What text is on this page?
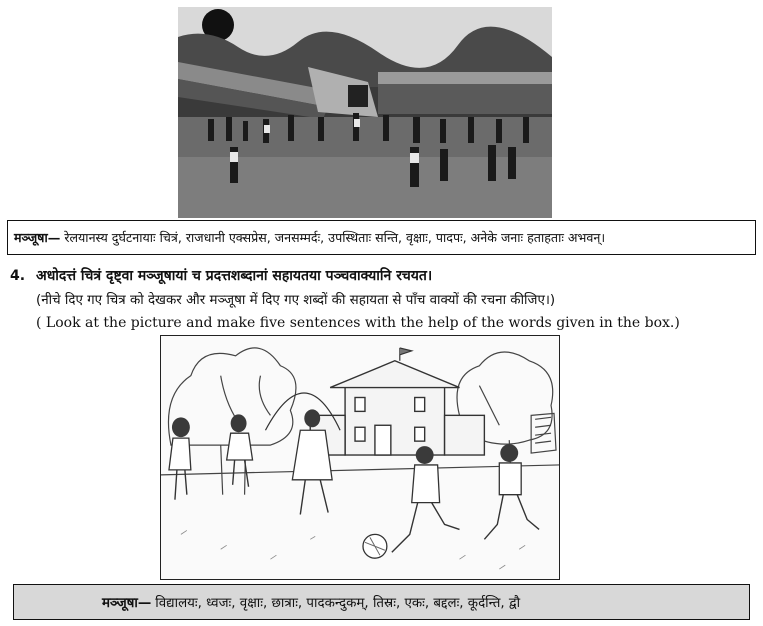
मञ्जूषा— रेलयानस्य दुर्घटनायाः चित्रं, राजधानी एक्सप्रेस, जनसम्मर्दः, उपस्थिताः सन्ति, वृक्षाः, पादपः, अनेके जनाः हताहताः अभवन्।
4. अधोदत्तं चित्रं दृष्ट्वा मञ्जूषायां च प्रदत्तशब्दानां सहायतया पञ्चवाक्यानि रचयत।
(नीचे दिए गए चित्र को देखकर और मञ्जूषा में दिए गए शब्दों की सहायता से पाँच वाक्यों की रचना कीजिए।)
( Look at the picture and make five sentences with the help of the words given in the box.)
मञ्जूषा— विद्यालयः, ध्वजः, वृक्षाः, छात्राः, पादकन्दुकम्, तिस्रः, एकः, बद्दलः, कूर्दन्ति, द्वौ
